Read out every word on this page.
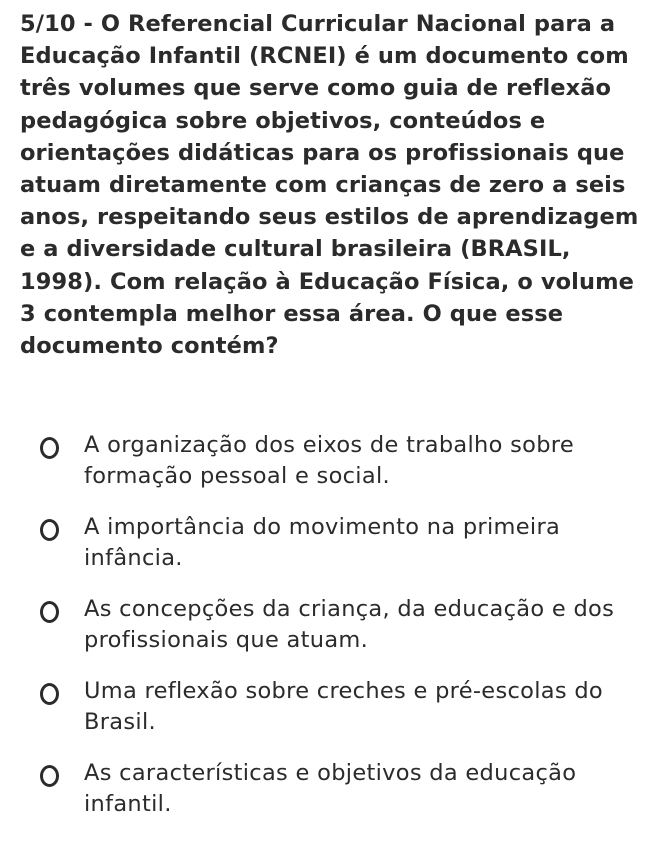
5/10 - O Referencial Curricular Nacional para a Educação Infantil (RCNEI) é um documento com três volumes que serve como guia de reflexão pedagógica sobre objetivos, conteúdos e orientações didáticas para os profissionais que atuam diretamente com crianças de zero a seis anos, respeitando seus estilos de aprendizagem e a diversidade cultural brasileira (BRASIL, 1998). Com relação à Educação Física, o volume 3 contempla melhor essa área. O que esse documento contém?

A organização dos eixos de trabalho sobre formação pessoal e social.
A importância do movimento na primeira infância.
As concepções da criança, da educação e dos profissionais que atuam.
Uma reflexão sobre creches e pré-escolas do Brasil.
As características e objetivos da educação infantil.
